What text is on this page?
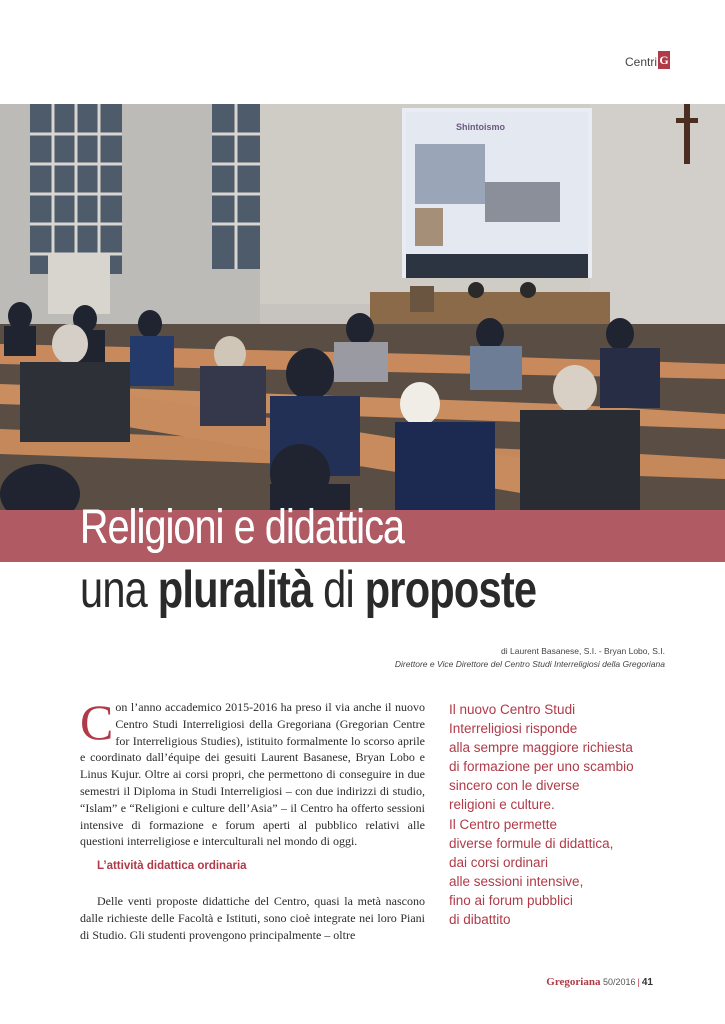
Centri G
Shintoismo
Religioni e didattica
una pluralità di proposte
di Laurent Basanese, S.I. - Bryan Lobo, S.I.
Direttore e Vice Direttore del Centro Studi Interreligiosi della Gregoriana
Con l’anno accademico 2015-2016 ha preso il via anche il nuovo Centro Studi Interreligiosi della Gregoriana (Gregorian Centre for Interreligious Studies), istituito formalmente lo scorso aprile e coordinato dall’équipe dei gesuiti Laurent Basanese, Bryan Lobo e Linus Kujur. Oltre ai corsi propri, che permettono di conseguire in due semestri il Diploma in Studi Interreligiosi – con due indirizzi di studio, “Islam” e “Religioni e culture dell’Asia” – il Centro ha offerto sessioni intensive di formazione e forum aperti al pubblico relativi alle questioni interreligiose e interculturali nel mondo di oggi.
L’attività didattica ordinaria
Delle venti proposte didattiche del Centro, quasi la metà nascono dalle richieste delle Facoltà e Istituti, sono cioè integrate nei loro Piani di Studio. Gli studenti provengono principalmente – oltre
Il nuovo Centro Studi
Interreligiosi risponde
alla sempre maggiore richiesta
di formazione per uno scambio
sincero con le diverse
religioni e culture.
Il Centro permette
diverse formule di didattica,
dai corsi ordinari
alle sessioni intensive,
fino ai forum pubblici
di dibattito
Gregoriana 50/2016 | 41
